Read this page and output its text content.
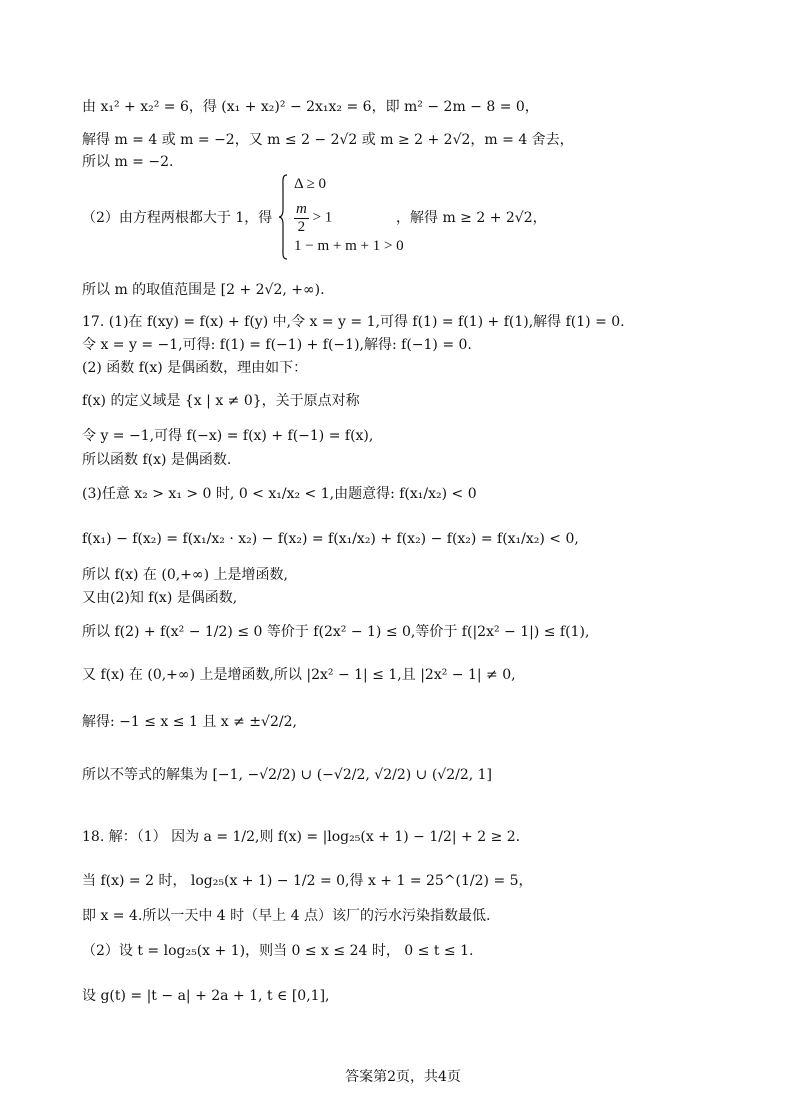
由 x₁² + x₂² = 6，得 (x₁ + x₂)² − 2x₁x₂ = 6，即 m² − 2m − 8 = 0，
解得 m = 4 或 m = −2，又 m ≤ 2 − 2√2 或 m ≥ 2 + 2√2，m = 4 舍去，
所以 m = −2.
（2）由方程两根都大于 1，得
Δ ≥ 0
$\frac{m}{2} > 1$
1 − m + m + 1 > 0
，解得 m ≥ 2 + 2√2，
所以 m 的取值范围是 [2 + 2√2, +∞).
17. (1)在 f(xy) = f(x) + f(y) 中,令 x = y = 1,可得 f(1) = f(1) + f(1),解得 f(1) = 0.
令 x = y = −1,可得: f(1) = f(−1) + f(−1),解得: f(−1) = 0.
(2) 函数 f(x) 是偶函数，理由如下：
f(x) 的定义域是 {x | x ≠ 0}，关于原点对称
令 y = −1,可得 f(−x) = f(x) + f(−1) = f(x),
所以函数 f(x) 是偶函数.
(3)任意 x₂ > x₁ > 0 时, 0 < x₁/x₂ < 1,由题意得: f(x₁/x₂) < 0
f(x₁) − f(x₂) = f(x₁/x₂ · x₂) − f(x₂) = f(x₁/x₂) + f(x₂) − f(x₂) = f(x₁/x₂) < 0,
所以 f(x) 在 (0,+∞) 上是增函数,
又由(2)知 f(x) 是偶函数,
所以 f(2) + f(x² − 1/2) ≤ 0 等价于 f(2x² − 1) ≤ 0,等价于 f(|2x² − 1|) ≤ f(1),
又 f(x) 在 (0,+∞) 上是增函数,所以 |2x² − 1| ≤ 1,且 |2x² − 1| ≠ 0,
解得: −1 ≤ x ≤ 1 且 x ≠ ±√2/2,
所以不等式的解集为 [−1, −√2/2) ∪ (−√2/2, √2/2) ∪ (√2/2, 1]
18. 解：（1） 因为 a = 1/2,则 f(x) = |log₂₅(x + 1) − 1/2| + 2 ≥ 2.
当 f(x) = 2 时， log₂₅(x + 1) − 1/2 = 0,得 x + 1 = 25^(1/2) = 5，
即 x = 4.所以一天中 4 时（早上 4 点）该厂的污水污染指数最低.
（2）设 t = log₂₅(x + 1)，则当 0 ≤ x ≤ 24 时， 0 ≤ t ≤ 1.
设 g(t) = |t − a| + 2a + 1, t ∈ [0,1],
答案第2页，共4页
